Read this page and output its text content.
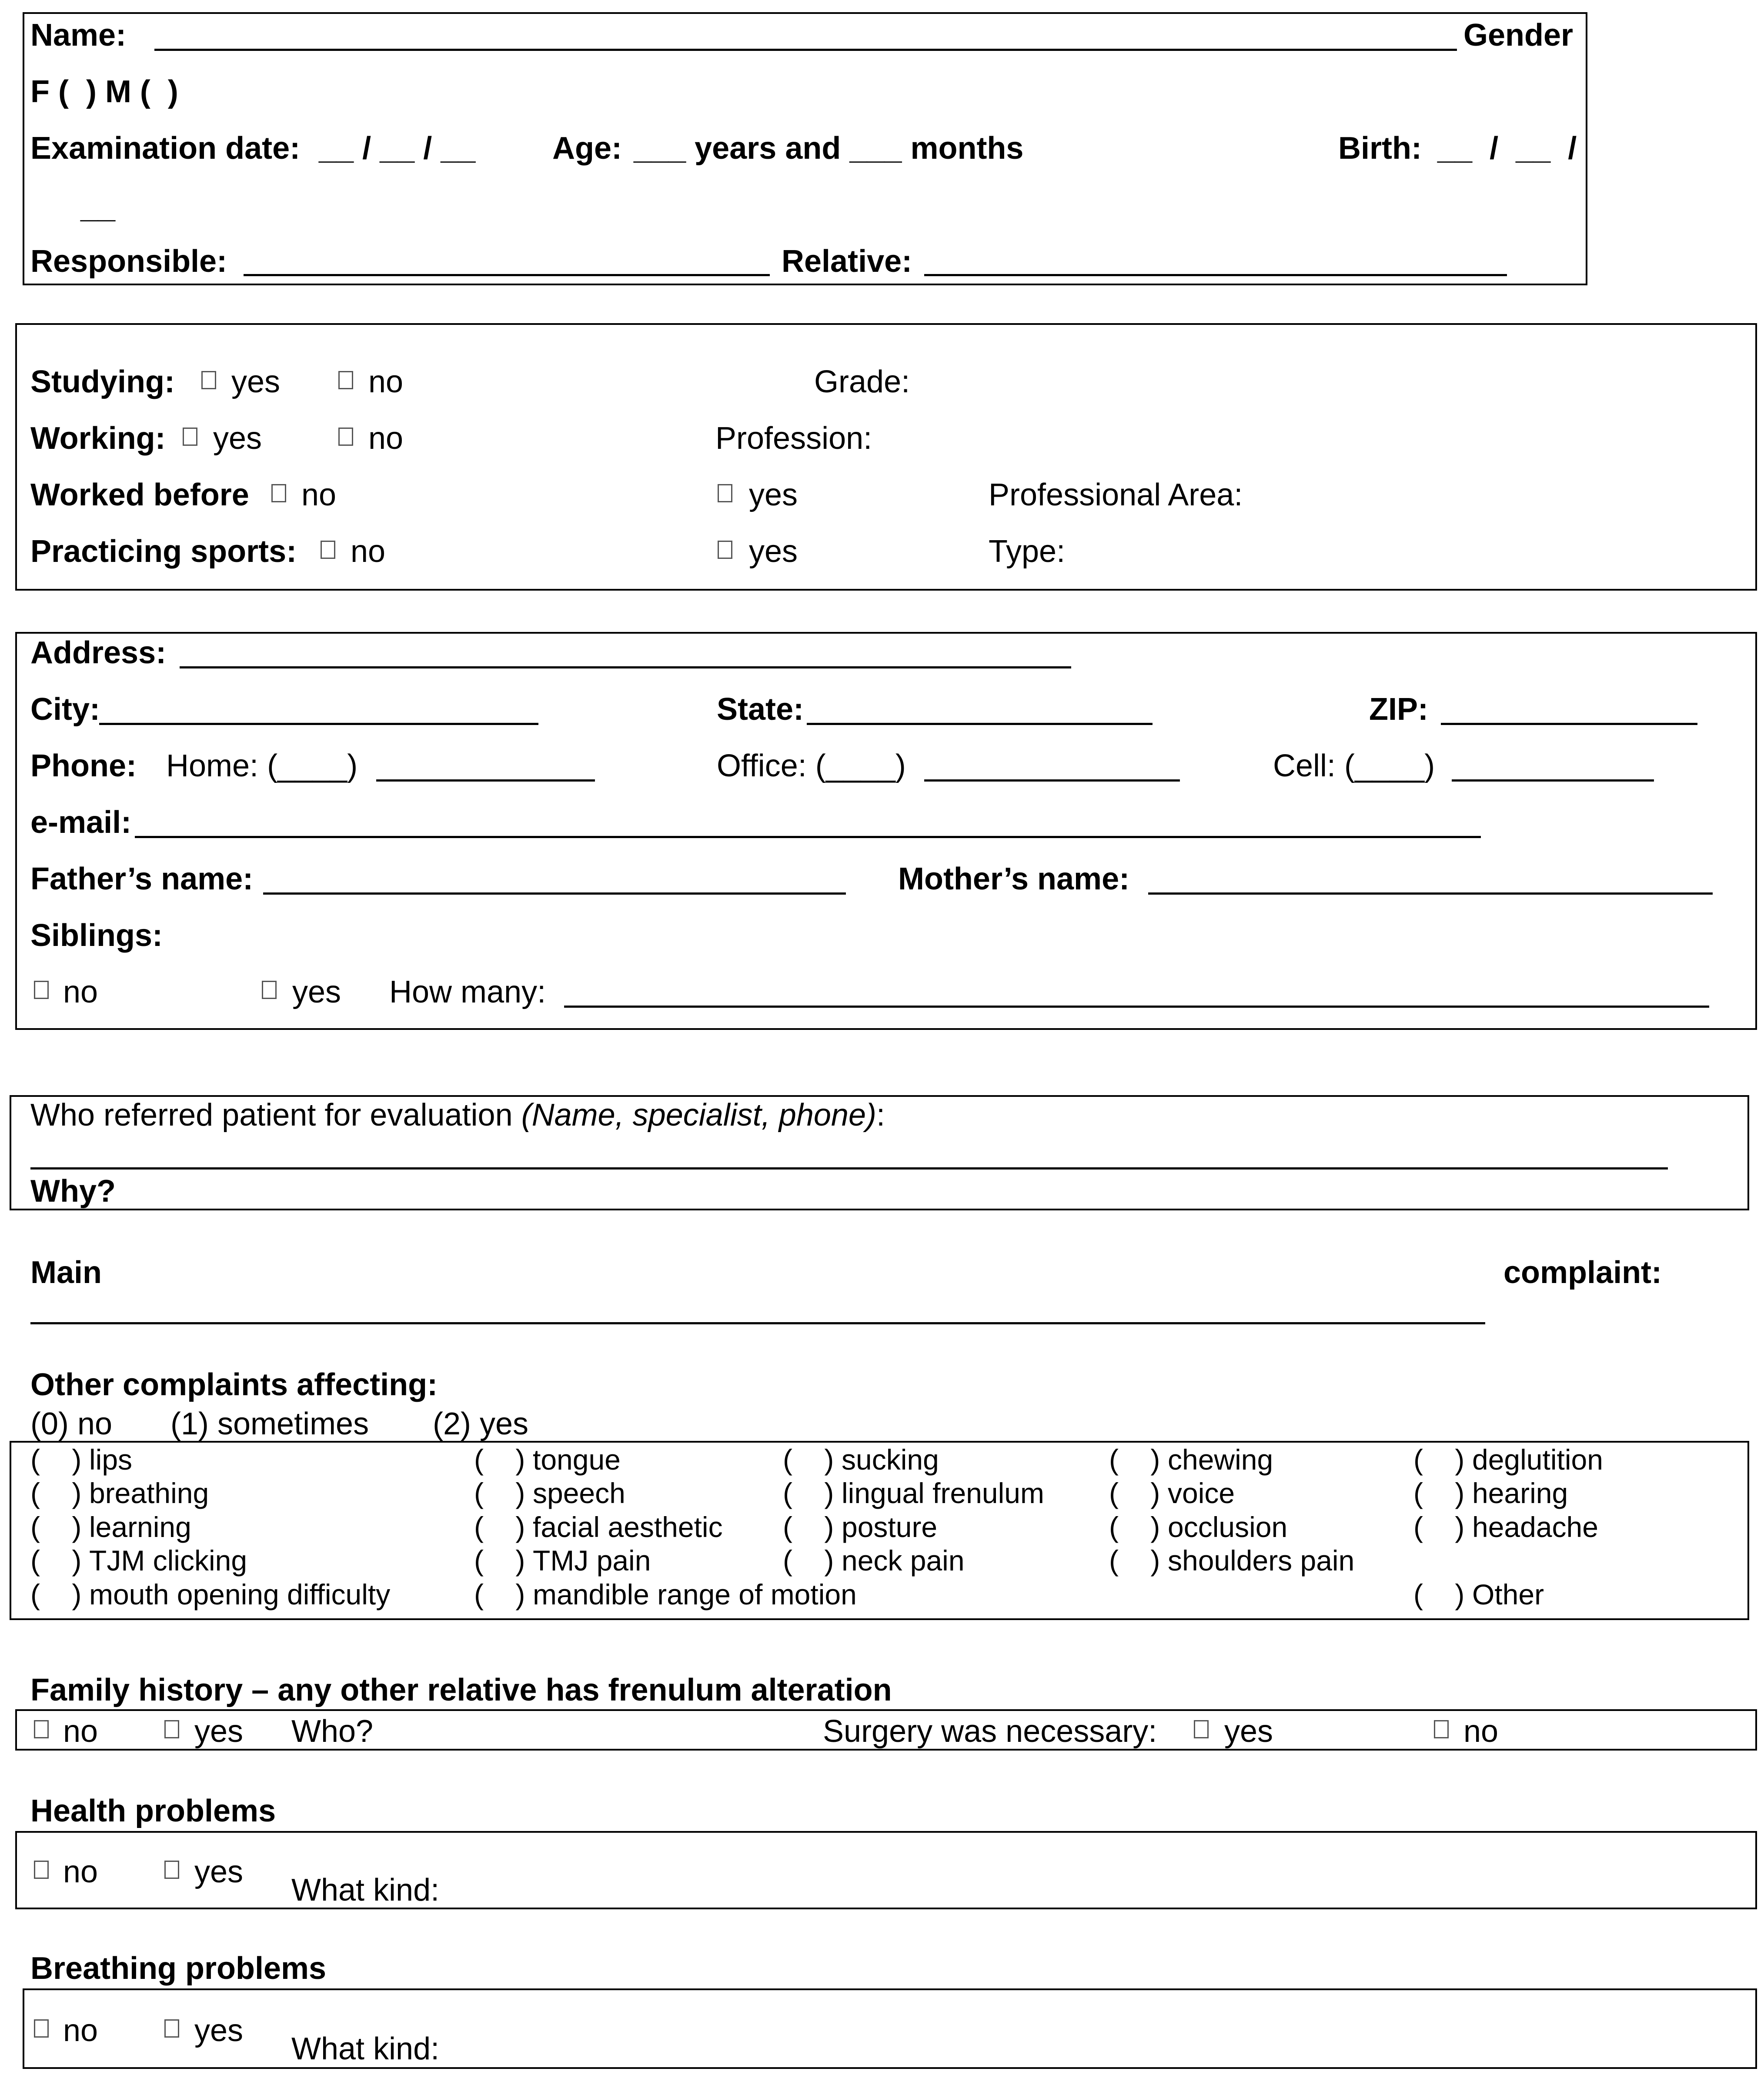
Name:	Gender
F (  ) M (  )
Examination date: __ / __ / __ Age: ___ years and ___ months	Birth: __  /  __  /
__
Responsible:	Relative:
Studying: yes	no	Grade:
Working: yes	no	Profession:
Worked before no	yes	Professional Area:
Practicing sports: no	yes	Type:
Address:
City:	State:	ZIP:
Phone: Home: (____)	Office: (____)	Cell: (____)
e-mail:
Father’s name:	Mother’s name:
Siblings:
no	yes How many:
Who referred patient for evaluation (Name, specialist, phone):
Why?
Main	complaint:
Other complaints affecting:
(0) no (1) sometimes (2) yes
(    ) lips	(    ) tongue	(    ) sucking	(    ) chewing	(    ) deglutition
(    ) breathing	(    ) speech	(    ) lingual frenulum (    ) voice	(    ) hearing
(    ) learning	(    ) facial aesthetic (    ) posture	(    ) occlusion	(    ) headache
(    ) TJM clicking	(    ) TMJ pain	(    ) neck pain	(    ) shoulders pain
(    ) mouth opening difficulty	(    ) mandible range of motion	(    ) Other
Family history – any other relative has frenulum alteration
no	yes Who?	Surgery was necessary: yes	no
Health problems
no	yes
What kind:
Breathing problems
no	yes
What kind:
